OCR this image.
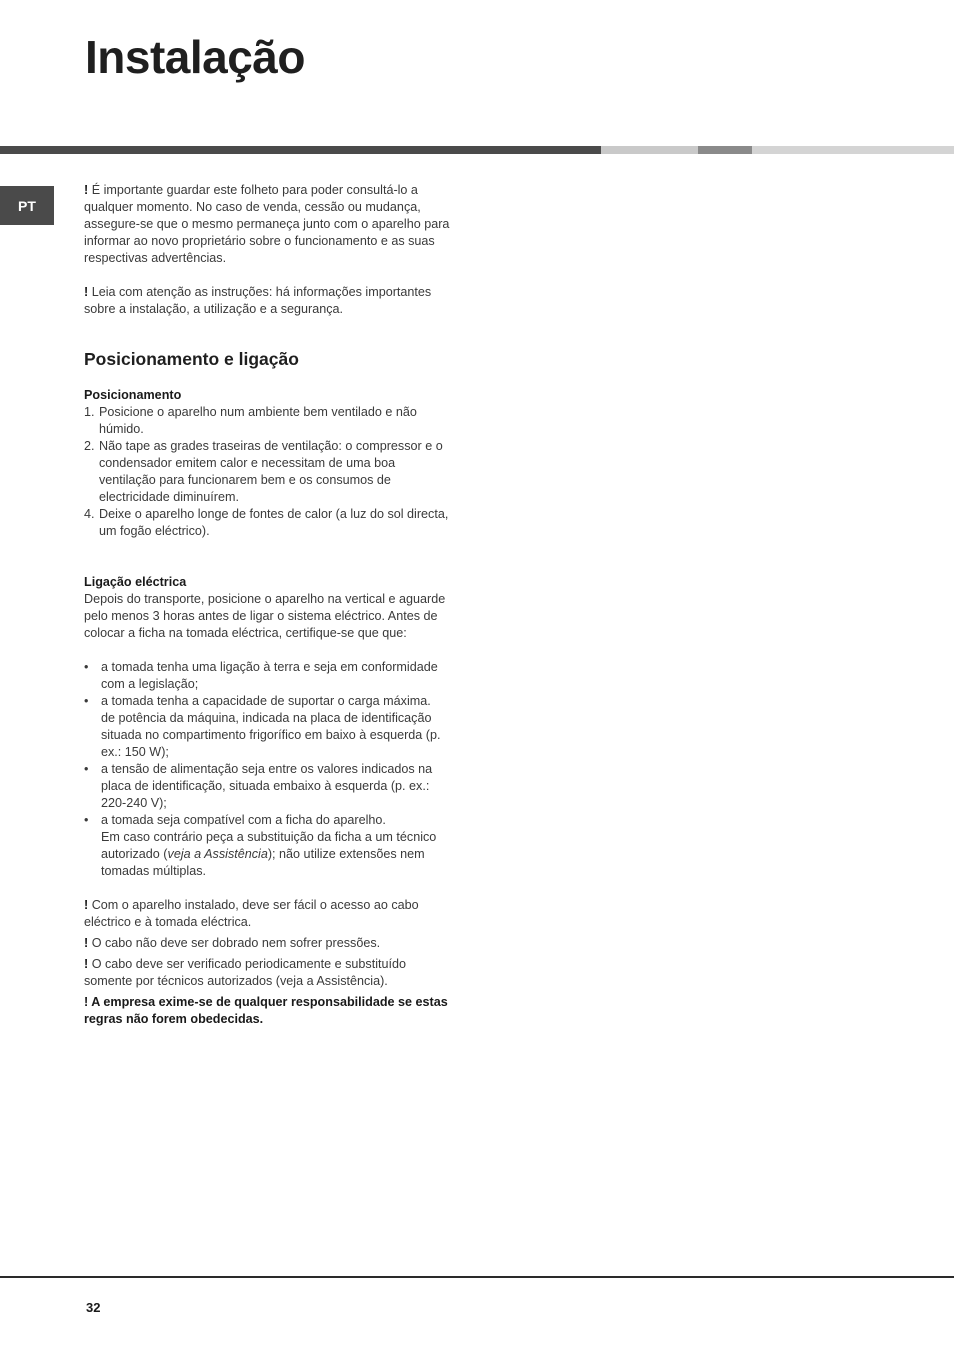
Instalação
PT

! É importante guardar este folheto para poder consultá-lo a qualquer momento. No caso de venda, cessão ou mudança, assegure-se que o mesmo permaneça junto com o aparelho para informar ao novo proprietário sobre o funcionamento e as suas respectivas advertências.

! Leia com atenção as instruções: há informações importantes sobre a instalação, a utilização e a segurança.

Posicionamento e ligação
Posicionamento
1. Posicione o aparelho num ambiente bem ventilado e não húmido.
2. Não tape as grades traseiras de ventilação: o compressor e o condensador emitem calor e necessitam de uma boa ventilação para funcionarem bem e os consumos de electricidade diminuírem.
4. Deixe o aparelho longe de fontes de calor (a luz do sol directa, um fogão eléctrico).
Ligação eléctrica

Depois do transporte, posicione o aparelho na vertical e aguarde pelo menos 3 horas antes de ligar o sistema eléctrico. Antes de colocar a ficha na tomada eléctrica, certifique-se que que:

• a tomada tenha uma ligação à terra e seja em conformidade com a legislação;
• a tomada tenha a capacidade de suportar o carga máxima.
de potência da máquina, indicada na placa de identificação situada no compartimento frigorífico em baixo à esquerda (p. ex.: 150 W);
• a tensão de alimentação seja entre os valores indicados na placa de identificação, situada embaixo à esquerda (p. ex.: 220-240 V);
• a tomada seja compatível com a ficha do aparelho.
Em caso contrário peça a substituição da ficha a um técnico autorizado (veja a Assistência); não utilize extensões nem tomadas múltiplas.

! Com o aparelho instalado, deve ser fácil o acesso ao cabo eléctrico e à tomada eléctrica.

! O cabo não deve ser dobrado nem sofrer pressões.

! O cabo deve ser verificado periodicamente e substituído somente por técnicos autorizados (veja a Assistência).

! A empresa exime-se de qualquer responsabilidade se estas regras não forem obedecidas.

32
